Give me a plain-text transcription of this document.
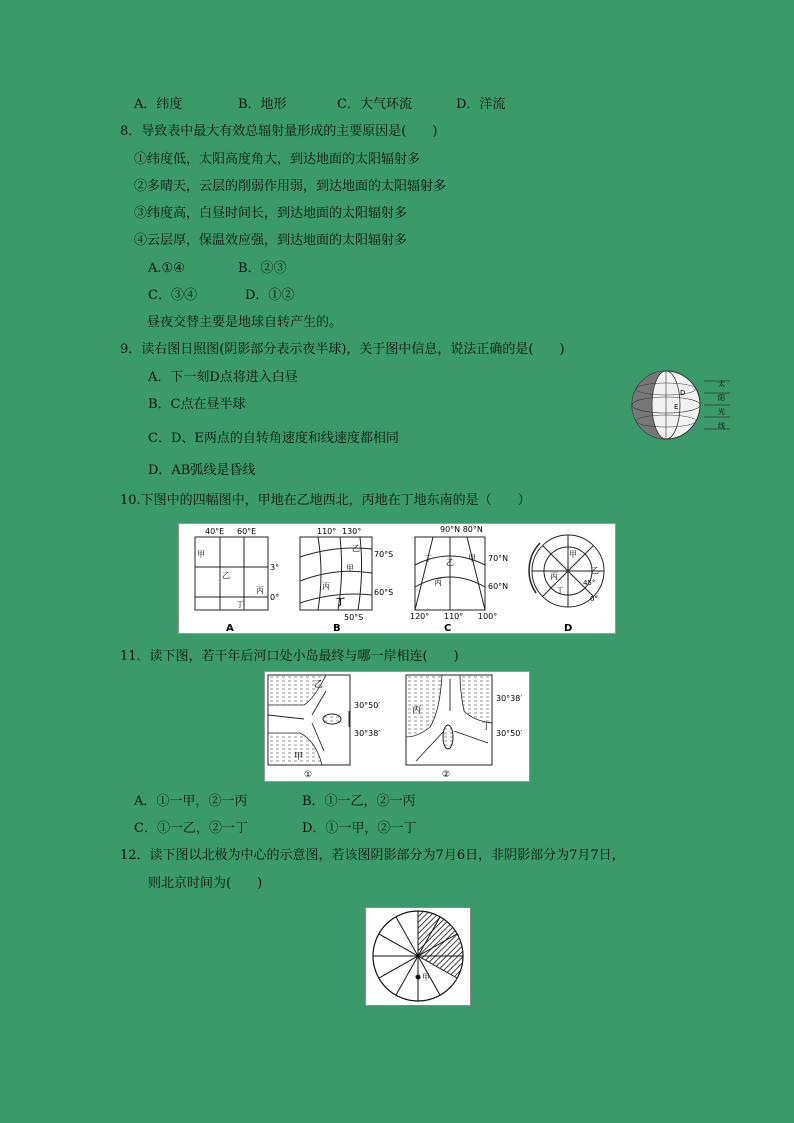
A．纬度	B．地形	C．大气环流	D．洋流
8．导致表中最大有效总辐射量形成的主要原因是(　　)
①纬度低，太阳高度角大，到达地面的太阳辐射多
②多晴天，云层的削弱作用弱，到达地面的太阳辐射多
③纬度高，白昼时间长，到达地面的太阳辐射多
④云层厚，保温效应强，到达地面的太阳辐射多
A.①④	B．②③
C．③④	D．①②
昼夜交替主要是地球自转产生的。
9．读右图日照图(阴影部分表示夜半球)，关于图中信息，说法正确的是(　　)
A．下一刻D点将进入白昼
B．C点在昼半球
C．D、E两点的自转角速度和线速度都相同
D．AB弧线是昏线
E
D
太
阳
光
线
10.下图中的四幅图中，甲地在乙地西北，丙地在丁地东南的是（　　）
40°E 60°E
3°
0°
甲
乙
丙
丁
A
110° 130°
70°S
60°S
50°S
乙
甲
丙
丁
B
90°N 80°N
70°N
60°N
120° 110° 100°
丁 乙 甲
丙
C
甲
乙
丙
丁
45°
0°
D
11．读下图，若干年后河口处小岛最终与哪一岸相连(　　)
乙
甲
30°50′
30°38′
①
丙
丁
30°38′
30°50′
②
A．①一甲，②一丙	B．①一乙，②一丙
C．①一乙，②一丁	D．①一甲，②一丁
12．读下图以北极为中心的示意图，若该图阴影部分为7月6日，非阴影部分为7月7日，
则北京时间为(　　)
甲
